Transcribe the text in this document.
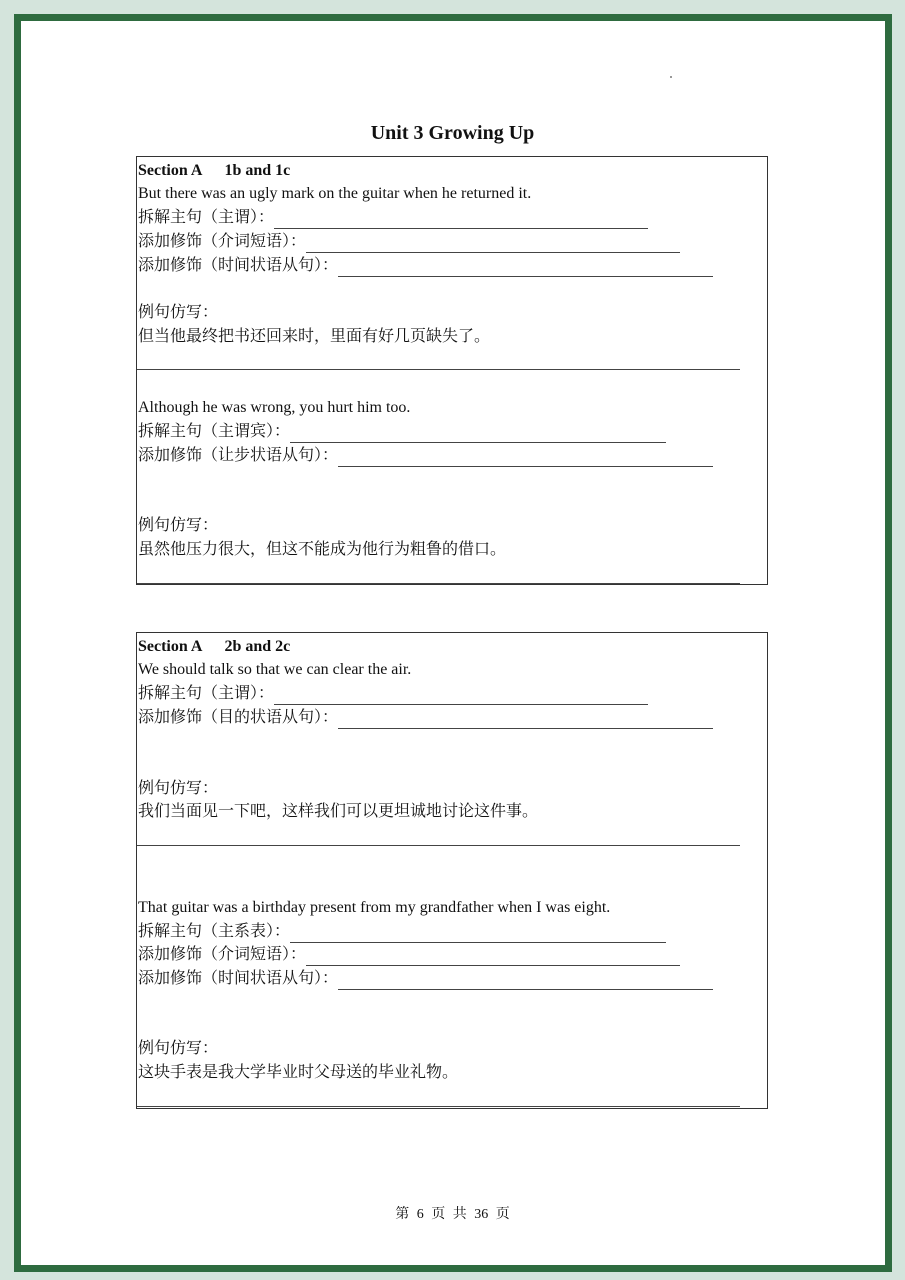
Unit 3 Growing Up
Section A 1b and 1c
But there was an ugly mark on the guitar when he returned it.
拆解主句（主谓）：
添加修饰（介词短语）：
添加修饰（时间状语从句）：
例句仿写：
但当他最终把书还回来时，里面有好几页缺失了。
Although he was wrong, you hurt him too.
拆解主句（主谓宾）：
添加修饰（让步状语从句）：
例句仿写：
虽然他压力很大，但这不能成为他行为粗鲁的借口。
Section A 2b and 2c
We should talk so that we can clear the air.
拆解主句（主谓）：
添加修饰（目的状语从句）：
例句仿写：
我们当面见一下吧，这样我们可以更坦诚地讨论这件事。
That guitar was a birthday present from my grandfather when I was eight.
拆解主句（主系表）：
添加修饰（介词短语）：
添加修饰（时间状语从句）：
例句仿写：
这块手表是我大学毕业时父母送的毕业礼物。
第 6 页 共 36 页
